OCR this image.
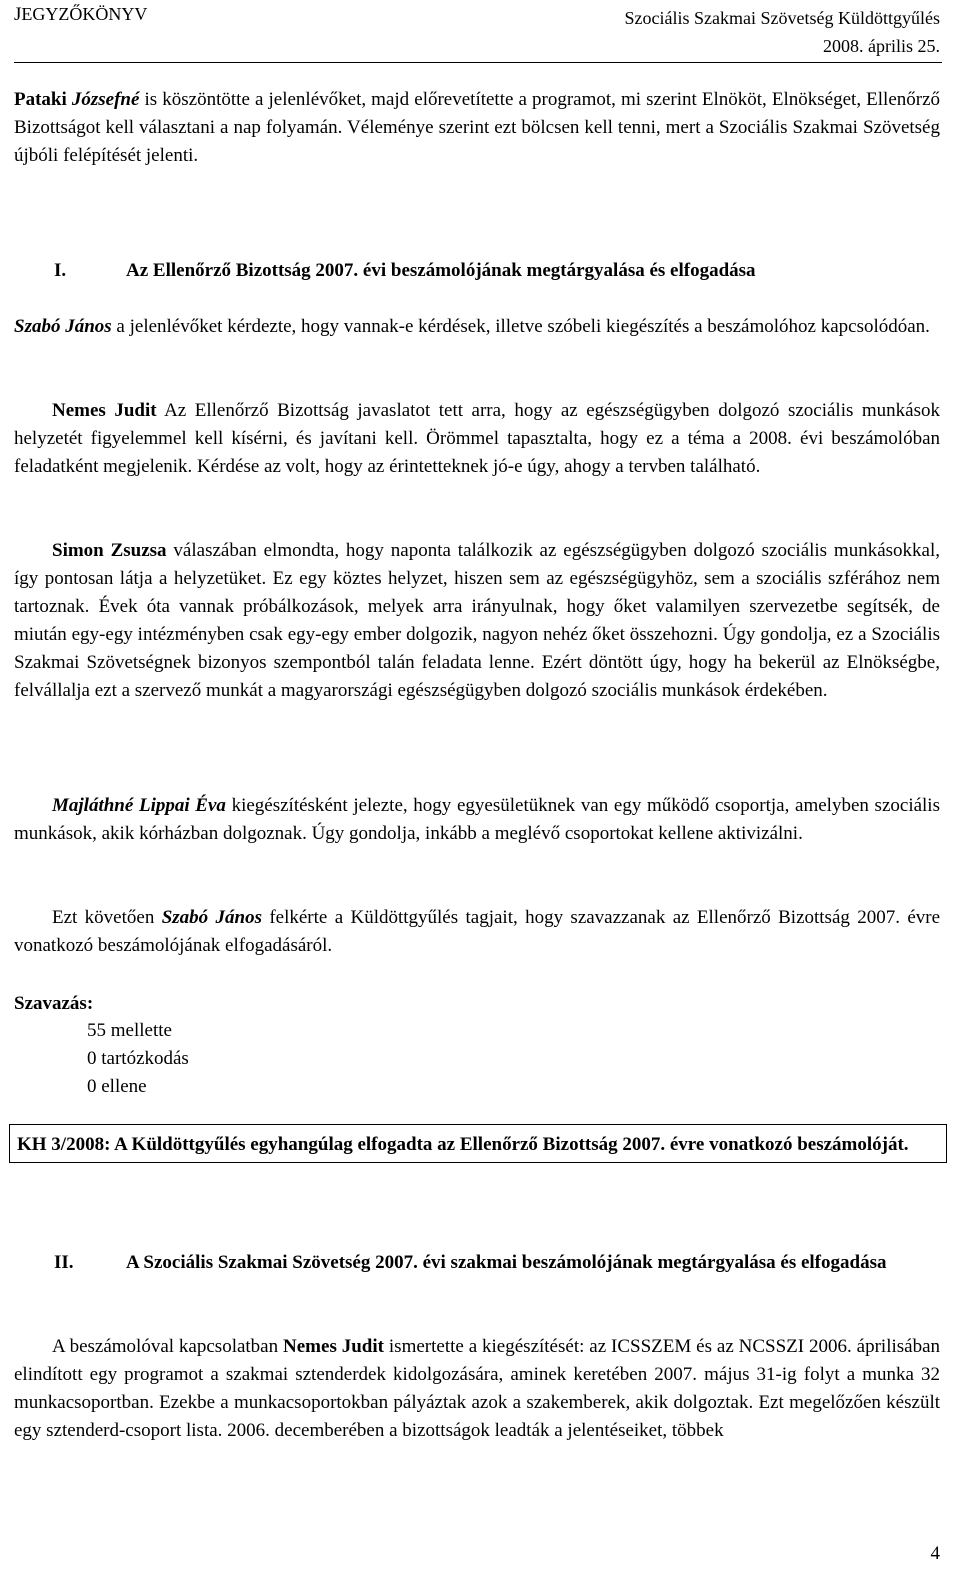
JEGYZŐKÖNYV	Szociális Szakmai Szövetség Küldöttgyűlés
2008. április 25.

Pataki Józsefné is köszöntötte a jelenlévőket, majd előrevetítette a programot, mi szerint Elnököt, Elnökséget, Ellenőrző Bizottságot kell választani a nap folyamán. Véleménye szerint ezt bölcsen kell tenni, mert a Szociális Szakmai Szövetség újbóli felépítését jelenti.

I.	Az Ellenőrző Bizottság 2007. évi beszámolójának megtárgyalása és elfogadása

Szabó János a jelenlévőket kérdezte, hogy vannak-e kérdések, illetve szóbeli kiegészítés a beszámolóhoz kapcsolódóan.

Nemes Judit Az Ellenőrző Bizottság javaslatot tett arra, hogy az egészségügyben dolgozó szociális munkások helyzetét figyelemmel kell kísérni, és javítani kell. Örömmel tapasztalta, hogy ez a téma a 2008. évi beszámolóban feladatként megjelenik. Kérdése az volt, hogy az érintetteknek jó-e úgy, ahogy a tervben található.

Simon Zsuzsa válaszában elmondta, hogy naponta találkozik az egészségügyben dolgozó szociális munkásokkal, így pontosan látja a helyzetüket. Ez egy köztes helyzet, hiszen sem az egészségügyhöz, sem a szociális szférához nem tartoznak. Évek óta vannak próbálkozások, melyek arra irányulnak, hogy őket valamilyen szervezetbe segítsék, de miután egy-egy intézményben csak egy-egy ember dolgozik, nagyon nehéz őket összehozni. Úgy gondolja, ez a Szociális Szakmai Szövetségnek bizonyos szempontból talán feladata lenne. Ezért döntött úgy, hogy ha bekerül az Elnökségbe, felvállalja ezt a szervező munkát a magyarországi egészségügyben dolgozó szociális munkások érdekében.

Majláthné Lippai Éva kiegészítésként jelezte, hogy egyesületüknek van egy működő csoportja, amelyben szociális munkások, akik kórházban dolgoznak. Úgy gondolja, inkább a meglévő csoportokat kellene aktivizálni.

Ezt követően Szabó János felkérte a Küldöttgyűlés tagjait, hogy szavazzanak az Ellenőrző Bizottság 2007. évre vonatkozó beszámolójának elfogadásáról.

Szavazás:
55 mellette
0 tartózkodás
0 ellene
KH 3/2008: A Küldöttgyűlés egyhangúlag elfogadta az Ellenőrző Bizottság 2007. évre vonatkozó beszámolóját.
II.	A Szociális Szakmai Szövetség 2007. évi szakmai beszámolójának megtárgyalása és elfogadása

A beszámolóval kapcsolatban Nemes Judit ismertette a kiegészítését: az ICSSZEM és az NCSSZI 2006. áprilisában elindított egy programot a szakmai sztenderdek kidolgozására, aminek keretében 2007. május 31-ig folyt a munka 32 munkacsoportban. Ezekbe a munkacsoportokban pályáztak azok a szakemberek, akik dolgoztak. Ezt megelőzően készült egy sztenderd-csoport lista. 2006. decemberében a bizottságok leadták a jelentéseiket, többek

4
